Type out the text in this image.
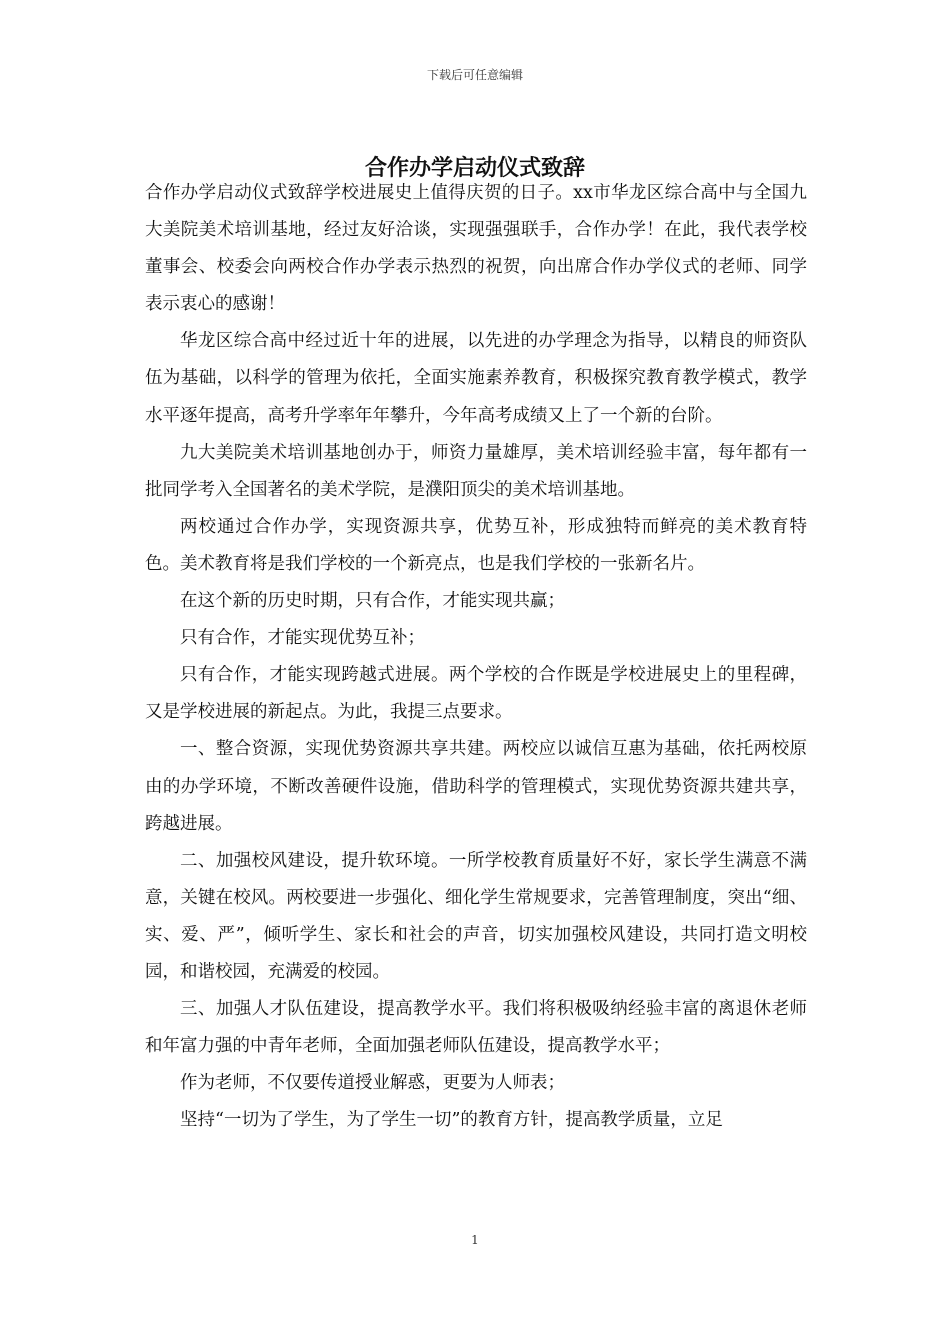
下载后可任意编辑
合作办学启动仪式致辞

合作办学启动仪式致辞学校进展史上值得庆贺的日子。xx市华龙区综合高中与全国九大美院美术培训基地，经过友好洽谈，实现强强联手，合作办学！在此，我代表学校董事会、校委会向两校合作办学表示热烈的祝贺，向出席合作办学仪式的老师、同学表示衷心的感谢！

华龙区综合高中经过近十年的进展，以先进的办学理念为指导，以精良的师资队伍为基础，以科学的管理为依托，全面实施素养教育，积极探究教育教学模式，教学水平逐年提高，高考升学率年年攀升，今年高考成绩又上了一个新的台阶。

九大美院美术培训基地创办于，师资力量雄厚，美术培训经验丰富，每年都有一批同学考入全国著名的美术学院，是濮阳顶尖的美术培训基地。

两校通过合作办学，实现资源共享，优势互补，形成独特而鲜亮的美术教育特色。美术教育将是我们学校的一个新亮点，也是我们学校的一张新名片。

在这个新的历史时期，只有合作，才能实现共赢；

只有合作，才能实现优势互补；

只有合作，才能实现跨越式进展。两个学校的合作既是学校进展史上的里程碑，又是学校进展的新起点。为此，我提三点要求。

一、整合资源，实现优势资源共享共建。两校应以诚信互惠为基础，依托两校原由的办学环境，不断改善硬件设施，借助科学的管理模式，实现优势资源共建共享，跨越进展。

二、加强校风建设，提升软环境。一所学校教育质量好不好，家长学生满意不满意，关键在校风。两校要进一步强化、细化学生常规要求，完善管理制度，突出“细、实、爱、严”，倾听学生、家长和社会的声音，切实加强校风建设，共同打造文明校园，和谐校园，充满爱的校园。

三、加强人才队伍建设，提高教学水平。我们将积极吸纳经验丰富的离退休老师和年富力强的中青年老师，全面加强老师队伍建设，提高教学水平；

作为老师，不仅要传道授业解惑，更要为人师表；

坚持“一切为了学生，为了学生一切”的教育方针，提高教学质量，立足

1
